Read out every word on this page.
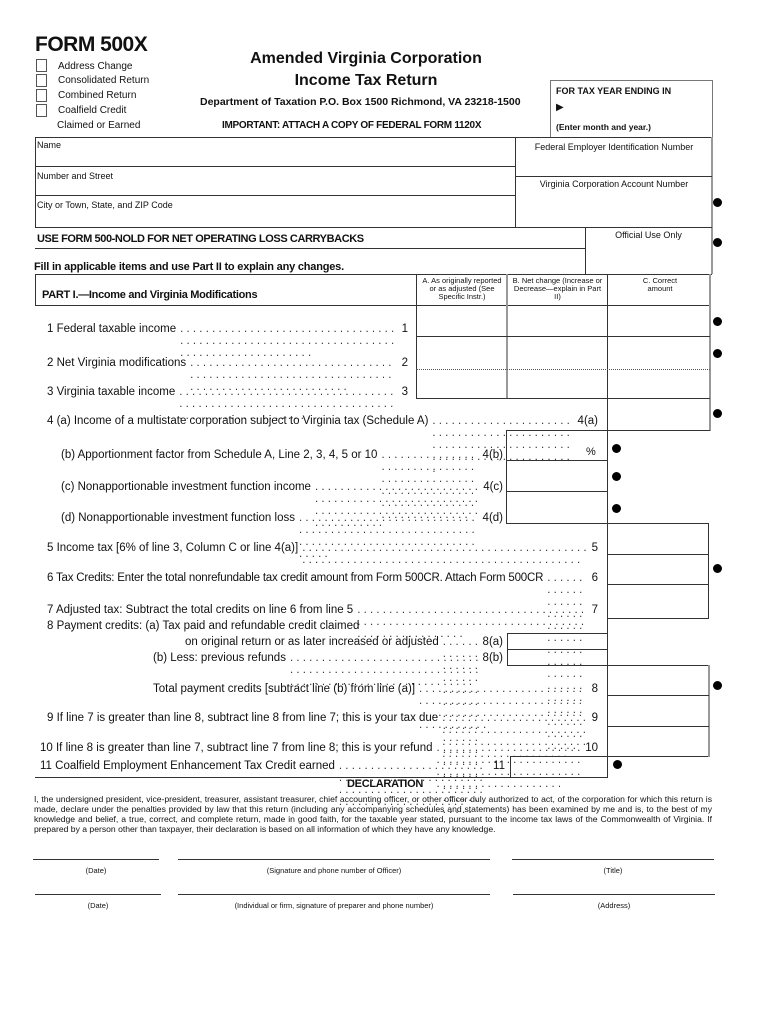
FORM 500X
Address Change
Consolidated Return
Combined Return
Coalfield Credit
Claimed or Earned
Amended Virginia Corporation
Income Tax Return
Department of Taxation P.O. Box 1500 Richmond, VA 23218-1500
IMPORTANT: ATTACH A COPY OF FEDERAL FORM 1120X
FOR TAX YEAR ENDING IN
▶
(Enter month and year.)
Name
Number and Street
City or Town, State, and ZIP Code
Federal Employer Identification Number
Virginia Corporation Account Number
USE FORM 500-NOLD FOR NET OPERATING LOSS CARRYBACKS	Official Use Only
Fill in applicable items and use Part II to explain any changes.
PART I.—Income and Virginia Modifications
A. As originally reported or as adjusted (See Specific Instr.)
B. Net change (Increase or Decrease—explain in Part II)
C. Correct amount
%
1 Federal taxable income . . .	1
2 Net Virginia modifications . . .	2
3 Virginia taxable income . . .	3
4 (a) Income of a multistate corporation subject to Virginia tax (Schedule A) . . .	4(a)
(b) Apportionment factor from Schedule A, Line 2, 3, 4, 5 or 10 . . .	4(b)
(c) Nonapportionable investment function income . . .	4(c)
(d) Nonapportionable investment function loss . . .	4(d)
5 Income tax [6% of line 3, Column C or line 4(a)] . . .	5
6 Tax Credits: Enter the total nonrefundable tax credit amount from Form 500CR. Attach Form 500CR . . .	6
7 Adjusted tax: Subtract the total credits on line 6 from line 5 . . .	7
8 Payment credits: (a) Tax paid and refundable credit claimed
on original return or as later increased or adjusted . . .	8(a)
(b) Less: previous refunds . . .	8(b)
Total payment credits [subtract line (b) from line (a)] . . .	8
9 If line 7 is greater than line 8, subtract line 8 from line 7; this is your tax due . . .	9
10 If line 8 is greater than line 7, subtract line 7 from line 8; this is your refund . . .	10
11 Coalfield Employment Enhancement Tax Credit earned . . .	11
DECLARATION
I, the undersigned president, vice-president, treasurer, assistant treasurer, chief accounting officer, or other officer duly authorized to act, of the corporation for which this return is made, declare under the penalties provided by law that this return (including any accompanying schedules and statements) has been examined by me and is, to the best of my knowledge and belief, a true, correct, and complete return, made in good faith, for the taxable year stated, pursuant to the income tax laws of the Commonwealth of Virginia. If prepared by a person other than taxpayer, their declaration is based on all information of which they have any knowledge.
(Date)	(Signature and phone number of Officer)	(Title)
(Date)	(Individual or firm, signature of preparer and phone number)	(Address)
